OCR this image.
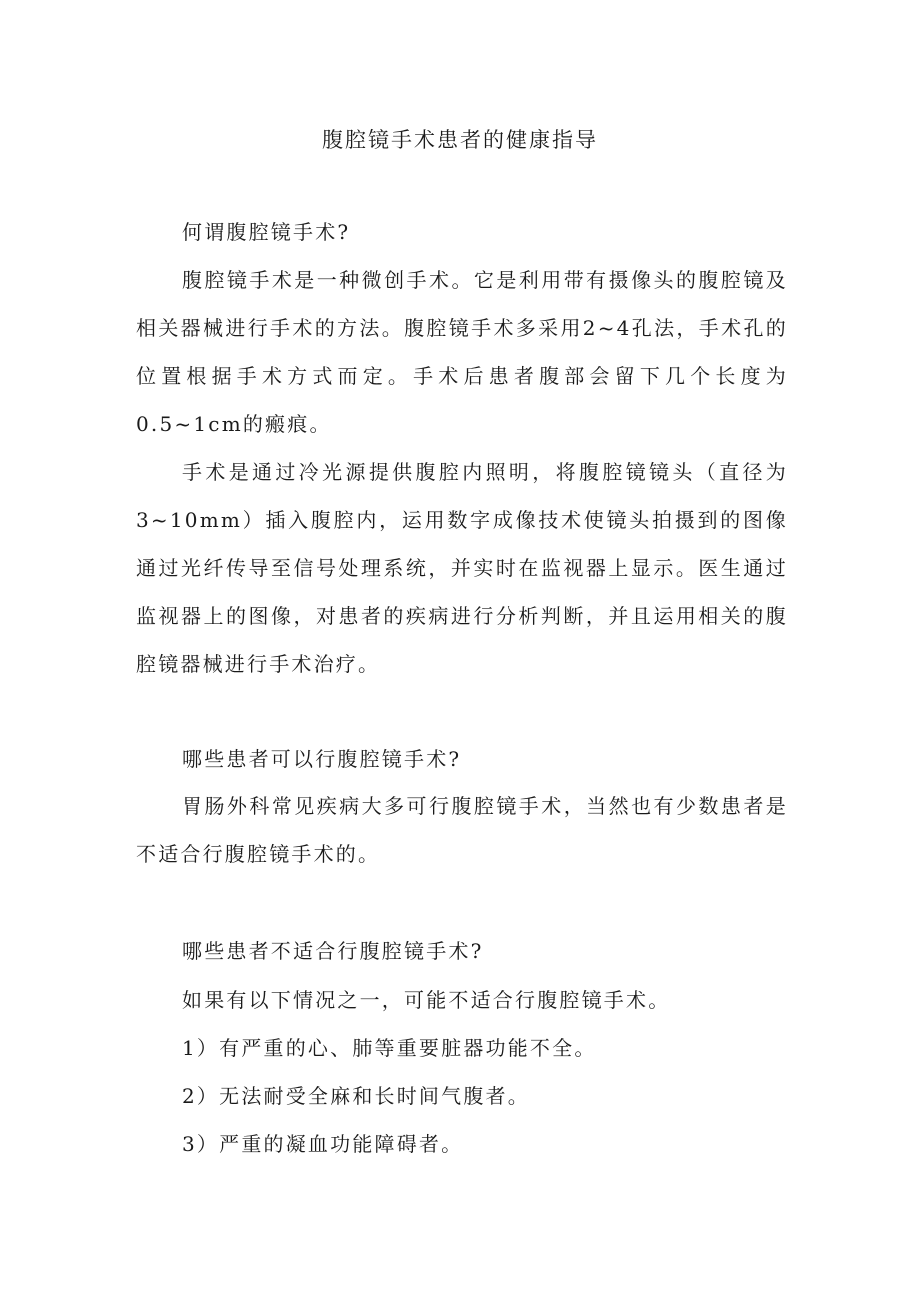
腹腔镜手术患者的健康指导
何谓腹腔镜手术?
腹腔镜手术是一种微创手术。它是利用带有摄像头的腹腔镜及相关器械进行手术的方法。腹腔镜手术多采用2~4孔法，手术孔的位置根据手术方式而定。手术后患者腹部会留下几个长度为0.5~1cm的瘢痕。
手术是通过冷光源提供腹腔内照明，将腹腔镜镜头（直径为3~10mm）插入腹腔内，运用数字成像技术使镜头拍摄到的图像通过光纤传导至信号处理系统，并实时在监视器上显示。医生通过监视器上的图像，对患者的疾病进行分析判断，并且运用相关的腹腔镜器械进行手术治疗。
哪些患者可以行腹腔镜手术?
胃肠外科常见疾病大多可行腹腔镜手术，当然也有少数患者是不适合行腹腔镜手术的。
哪些患者不适合行腹腔镜手术?
如果有以下情况之一，可能不适合行腹腔镜手术。
1）有严重的心、肺等重要脏器功能不全。
2）无法耐受全麻和长时间气腹者。
3）严重的凝血功能障碍者。
